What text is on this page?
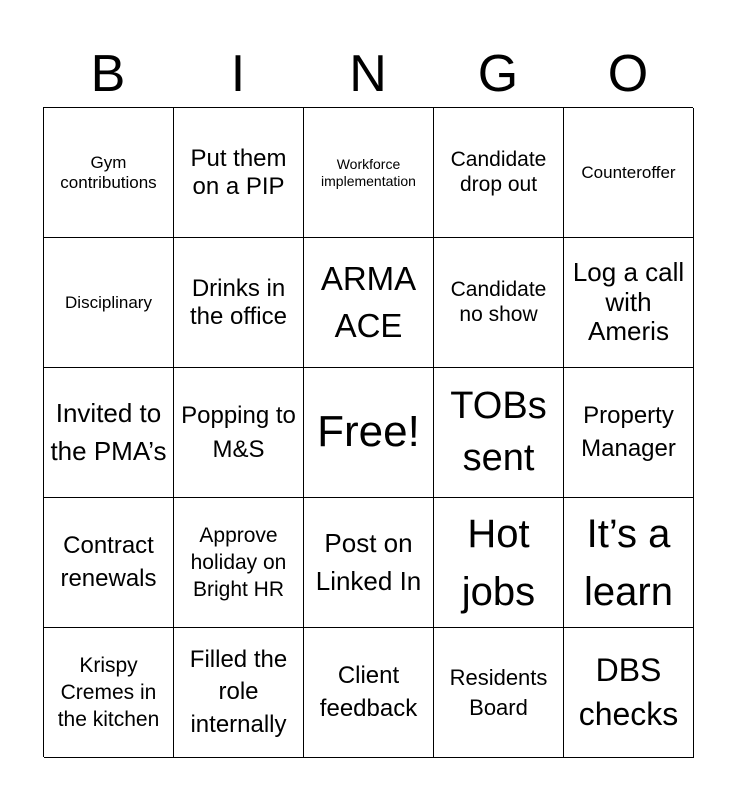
B	I	N	G	O
Gym contributions
Put them on a PIP
Workforce implementation
Candidate drop out
Counteroffer
Disciplinary
Drinks in the office
ARMA ACE
Candidate no show
Log a call with Ameris
Invited to the PMA’s
Popping to M&S	Free!
TOBs sent
Property Manager
Contract renewals
Approve holiday on Bright HR
Post on Linked In
Hot jobs
It’s a learn
Krispy Cremes in the kitchen
Filled the role internally
Client feedback
Residents Board
DBS checks
